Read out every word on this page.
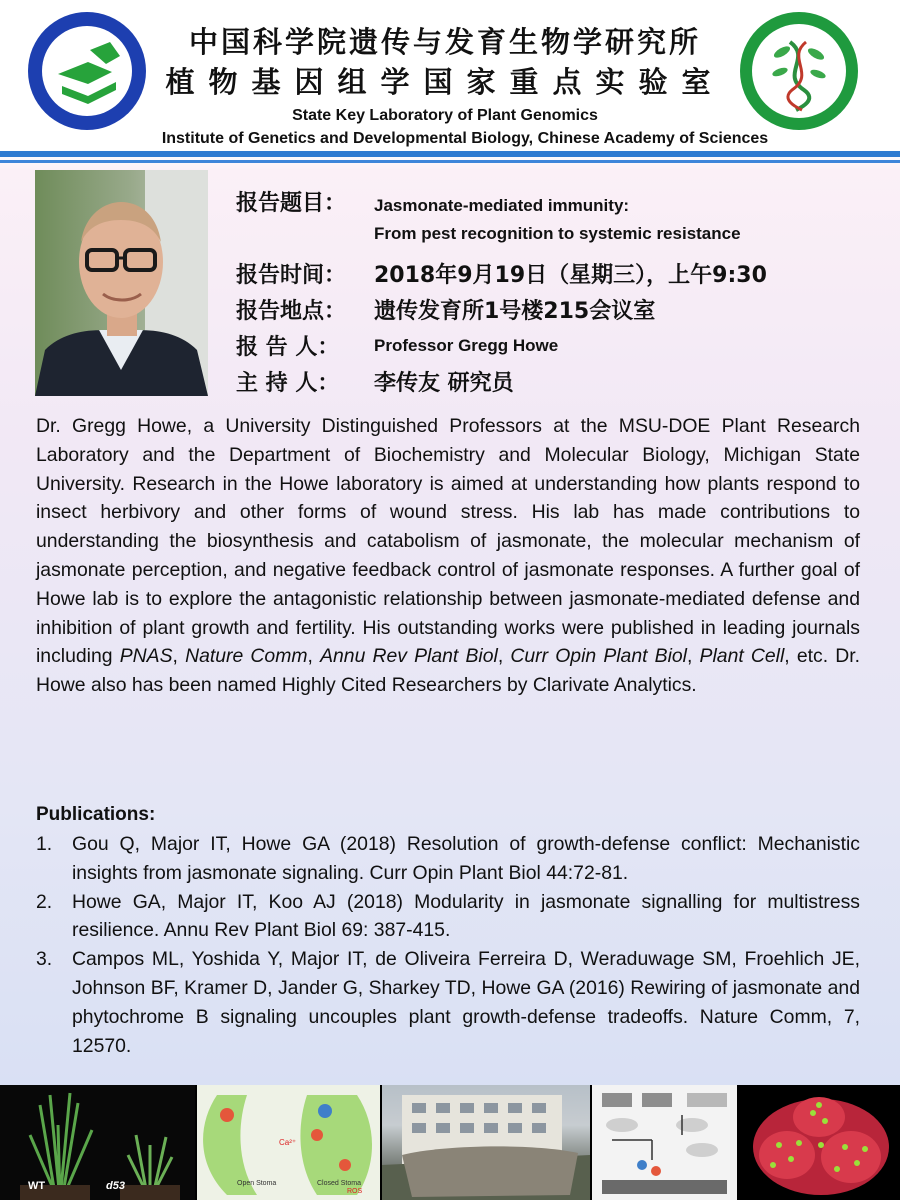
中国科学院遗传与发育生物学研究所
植物基因组学国家重点实验室
State Key Laboratory of Plant Genomics
Institute of Genetics and Developmental Biology, Chinese Academy of Sciences
报告题目： Jasmonate-mediated immunity:
From pest recognition to systemic resistance
报告时间： 2018年9月19日（星期三），上午9:30
报告地点： 遗传发育所1号楼215会议室
报 告 人： Professor Gregg Howe
主 持 人： 李传友 研究员
Dr. Gregg Howe, a University Distinguished Professors at the MSU-DOE Plant Research Laboratory and the Department of Biochemistry and Molecular Biology, Michigan State University. Research in the Howe laboratory is aimed at understanding how plants respond to insect herbivory and other forms of wound stress. His lab has made contributions to understanding the biosynthesis and catabolism of jasmonate, the molecular mechanism of jasmonate perception, and negative feedback control of jasmonate responses. A further goal of Howe lab is to explore the antagonistic relationship between jasmonate-mediated defense and inhibition of plant growth and fertility. His outstanding works were published in leading journals including PNAS, Nature Comm, Annu Rev Plant Biol, Curr Opin Plant Biol, Plant Cell, etc. Dr. Howe also has been named Highly Cited Researchers by Clarivate Analytics.
Publications:
1. Gou Q, Major IT, Howe GA (2018) Resolution of growth-defense conflict: Mechanistic insights from jasmonate signaling. Curr Opin Plant Biol 44:72-81.
2. Howe GA, Major IT, Koo AJ (2018) Modularity in jasmonate signalling for multistress resilience. Annu Rev Plant Biol 69: 387-415.
3. Campos ML, Yoshida Y, Major IT, de Oliveira Ferreira D, Weraduwage SM, Froehlich JE, Johnson BF, Kramer D, Jander G, Sharkey TD, Howe GA (2016) Rewiring of jasmonate and phytochrome B signaling uncouples plant growth-defense tradeoffs. Nature Comm, 7, 12570.
WT	d53
Ca²⁺
ROS
Open Stoma	Closed Stoma
